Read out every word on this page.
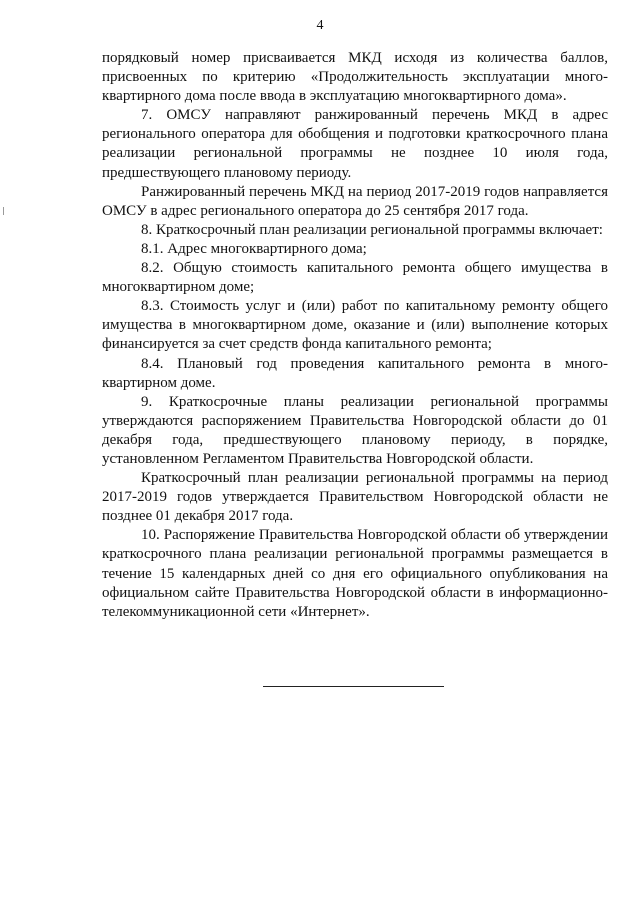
4

порядковый номер присваивается МКД исходя из количества баллов, присвоенных по критерию «Продолжительность эксплуатации много-квартирного дома после ввода в эксплуатацию многоквартирного дома».

7. ОМСУ направляют ранжированный перечень МКД в адрес регионального оператора для обобщения и подготовки краткосрочного плана реализации региональной программы не позднее 10 июля года, предшествующего плановому периоду.

Ранжированный перечень МКД на период 2017-2019 годов направляется ОМСУ в адрес регионального оператора до 25 сентября 2017 года.

8. Краткосрочный план реализации региональной программы включает:

8.1. Адрес многоквартирного дома;

8.2. Общую стоимость капитального ремонта общего имущества в многоквартирном доме;

8.3. Стоимость услуг и (или) работ по капитальному ремонту общего имущества в многоквартирном доме, оказание и (или) выполнение которых финансируется за счет средств фонда капитального ремонта;

8.4. Плановый год проведения капитального ремонта в много-квартирном доме.

9. Краткосрочные планы реализации региональной программы утверждаются распоряжением Правительства Новгородской области до 01 декабря года, предшествующего плановому периоду, в порядке, установленном Регламентом Правительства Новгородской области.

Краткосрочный план реализации региональной программы на период 2017-2019 годов утверждается Правительством Новгородской области не позднее 01 декабря 2017 года.

10. Распоряжение Правительства Новгородской области об утверждении краткосрочного плана реализации региональной программы размещается в течение 15 календарных дней со дня его официального опубликования на официальном сайте Правительства Новгородской области в информационно-телекоммуникационной сети «Интернет».
